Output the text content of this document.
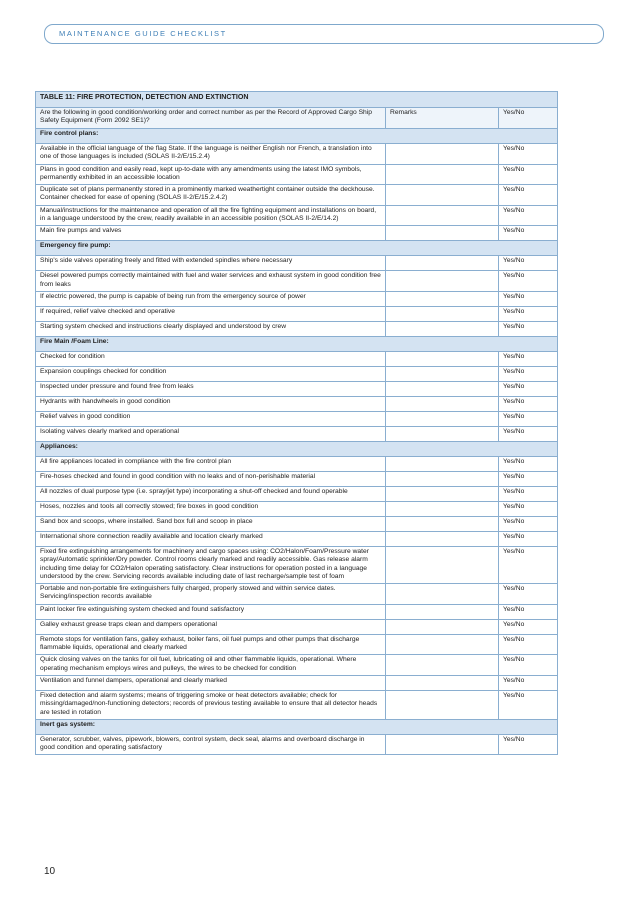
MAINTENANCE GUIDE CHECKLIST
TABLE 11: FIRE PROTECTION, DETECTION AND EXTINCTION		
Are the following in good condition/working order and correct number as per the Record of Approved Cargo Ship Safety Equipment (Form 2092 SE1)?	Remarks	Yes/No
Fire control plans:		
Available in the official language of the flag State. If the language is neither English nor French, a translation into one of those languages is included (SOLAS II-2/E/15.2.4)		Yes/No
Plans in good condition and easily read, kept up-to-date with any amendments using the latest IMO symbols, permanently exhibited in an accessible location		Yes/No
Duplicate set of plans permanently stored in a prominently marked weathertight container outside the deckhouse. Container checked for ease of opening (SOLAS II-2/E/15.2.4.2)		Yes/No
Manual/instructions for the maintenance and operation of all the fire fighting equipment and installations on board, in a language understood by the crew, readily available in an accessible position (SOLAS II-2/E/14.2)		Yes/No
Main fire pumps and valves		Yes/No
Emergency fire pump:		
Ship's side valves operating freely and fitted with extended spindles where necessary		Yes/No
Diesel powered pumps correctly maintained with fuel and water services and exhaust system in good condition free from leaks		Yes/No
If electric powered, the pump is capable of being run from the emergency source of power		Yes/No
If required, relief valve checked and operative		Yes/No
Starting system checked and instructions clearly displayed and understood by crew		Yes/No
Fire Main /Foam Line:		
Checked for condition		Yes/No
Expansion couplings checked for condition		Yes/No
Inspected under pressure and found free from leaks		Yes/No
Hydrants with handwheels in good condition		Yes/No
Relief valves in good condition		Yes/No
Isolating valves clearly marked and operational		Yes/No
Appliances:		
All fire appliances located in compliance with the fire control plan		Yes/No
Fire-hoses checked and found in good condition with no leaks and of non-perishable material		Yes/No
All nozzles of dual purpose type (i.e. spray/jet type) incorporating a shut-off checked and found operable		Yes/No
Hoses, nozzles and tools all correctly stowed; fire boxes in good condition		Yes/No
Sand box and scoops, where installed. Sand box full and scoop in place		Yes/No
International shore connection readily available and location clearly marked		Yes/No
Fixed fire extinguishing arrangements for machinery and cargo spaces using: CO2/Halon/Foam/Pressure water spray/Automatic sprinkler/Dry powder. Control rooms clearly marked and readily accessible. Gas release alarm including time delay for CO2/Halon operating satisfactory. Clear instructions for operation posted in a language understood by the crew. Servicing records available including date of last recharge/sample test of foam		Yes/No
Portable and non-portable fire extinguishers fully charged, properly stowed and within service dates. Servicing/inspection records available		Yes/No
Paint locker fire extinguishing system checked and found satisfactory		Yes/No
Galley exhaust grease traps clean and dampers operational		Yes/No
Remote stops for ventilation fans, galley exhaust, boiler fans, oil fuel pumps and other pumps that discharge flammable liquids, operational and clearly marked		Yes/No
Quick closing valves on the tanks for oil fuel, lubricating oil and other flammable liquids, operational. Where operating mechanism employs wires and pulleys, the wires to be checked for condition		Yes/No
Ventilation and funnel dampers, operational and clearly marked		Yes/No
Fixed detection and alarm systems; means of triggering smoke or heat detectors available; check for missing/damaged/non-functioning detectors; records of previous testing available to ensure that all detector heads are tested in rotation		Yes/No
Inert gas system:		
Generator, scrubber, valves, pipework, blowers, control system, deck seal, alarms and overboard discharge in good condition and operating satisfactory		Yes/No
10
